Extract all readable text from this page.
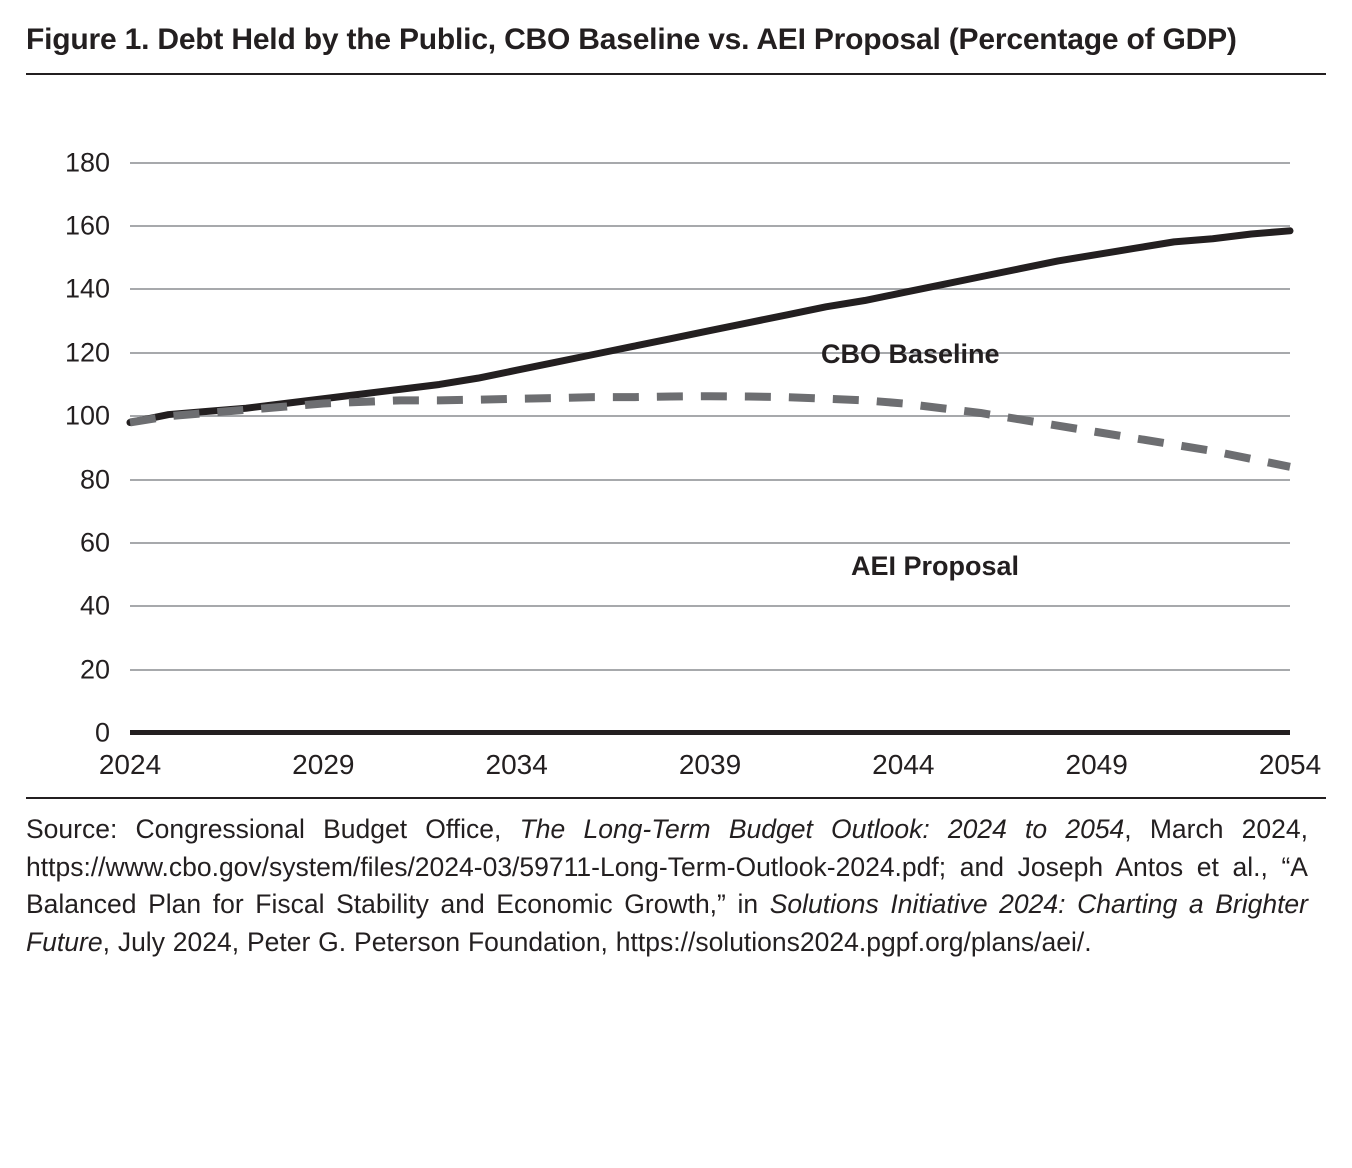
Figure 1. Debt Held by the Public, CBO Baseline vs. AEI Proposal (Percentage of GDP)
0
20
40
60
80
100
120
140
160
180
CBO Baseline
AEI Proposal
2024	2029	2034	2039	2044	2049	2054
Source: Congressional Budget Office, The Long-Term Budget Outlook: 2024 to 2054, March 2024, https://www.cbo.gov/system/files/2024-03/59711-Long-Term-Outlook-2024.pdf; and Joseph Antos et al., “A Balanced Plan for Fiscal Stability and Economic Growth,” in Solutions Initiative 2024: Charting a Brighter Future, July 2024, Peter G. Peterson Foundation, https://solutions2024.pgpf.org/plans/aei/.
